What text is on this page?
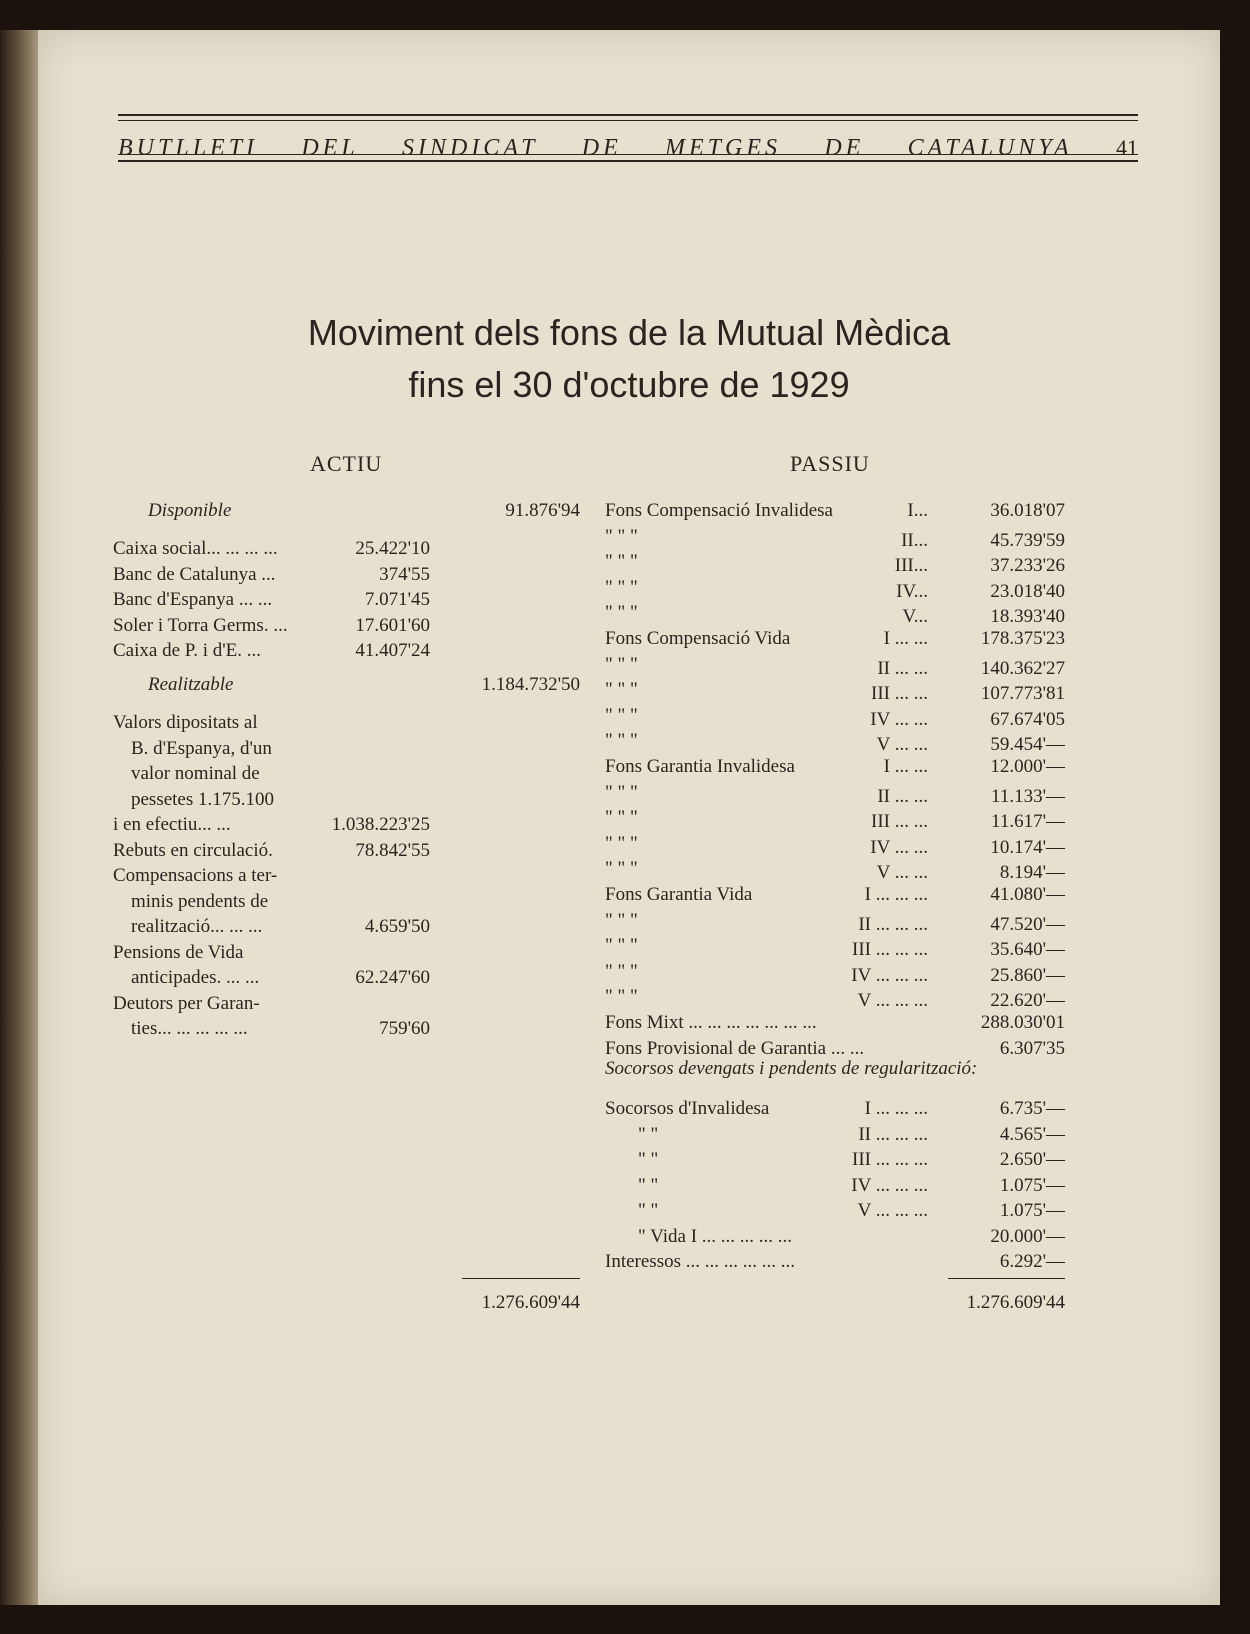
BUTLLETI DEL SINDICAT DE METGES DE CATALUNYA 41
Moviment dels fons de la Mutual Mèdica
fins el 30 d'octubre de 1929
ACTIU	PASSIU
Disponible	91.876'94
Caixa social... ... ... ...	25.422'10
Banc de Catalunya ...	374'55
Banc d'Espanya ... ...	7.071'45
Soler i Torra Germs. ...	17.601'60
Caixa de P. i d'E. ...	41.407'24
Realitzable	1.184.732'50
Valors dipositats al
B. d'Espanya, d'un
valor nominal de
pessetes 1.175.100
i en efectiu... ...	1.038.223'25
Rebuts en circulació.	78.842'55
Compensacions a ter-
minis pendents de
realització... ... ...	4.659'50
Pensions de Vida
anticipades. ... ...	62.247'60
Deutors per Garan-
ties... ... ... ... ...	759'60
Fons Compensació Invalidesa	I...	36.018'07
" " "	II...	45.739'59
" " "	III...	37.233'26
" " "	IV...	23.018'40
" " "	V...	18.393'40
Fons Compensació Vida	I ... ...	178.375'23
" " "	II ... ...	140.362'27
" " "	III ... ...	107.773'81
" " "	IV ... ...	67.674'05
" " "	V ... ...	59.454'—
Fons Garantia Invalidesa	I ... ...	12.000'—
" " "	II ... ...	11.133'—
" " "	III ... ...	11.617'—
" " "	IV ... ...	10.174'—
" " "	V ... ...	8.194'—
Fons Garantia Vida	I ... ... ...	41.080'—
" " "	II ... ... ...	47.520'—
" " "	III ... ... ...	35.640'—
" " "	IV ... ... ...	25.860'—
" " "	V ... ... ...	22.620'—
Fons Mixt ... ... ... ... ... ... ...	288.030'01
Fons Provisional de Garantia ... ...	6.307'35
Socorsos devengats i pendents de regularització:
Socorsos d'Invalidesa	I ... ... ...	6.735'—
" "	II ... ... ...	4.565'—
" "	III ... ... ...	2.650'—
" "	IV ... ... ...	1.075'—
" "	V ... ... ...	1.075'—
" Vida I ... ... ... ... ...	20.000'—
Interessos ... ... ... ... ... ...	6.292'—
1.276.609'44	1.276.609'44
